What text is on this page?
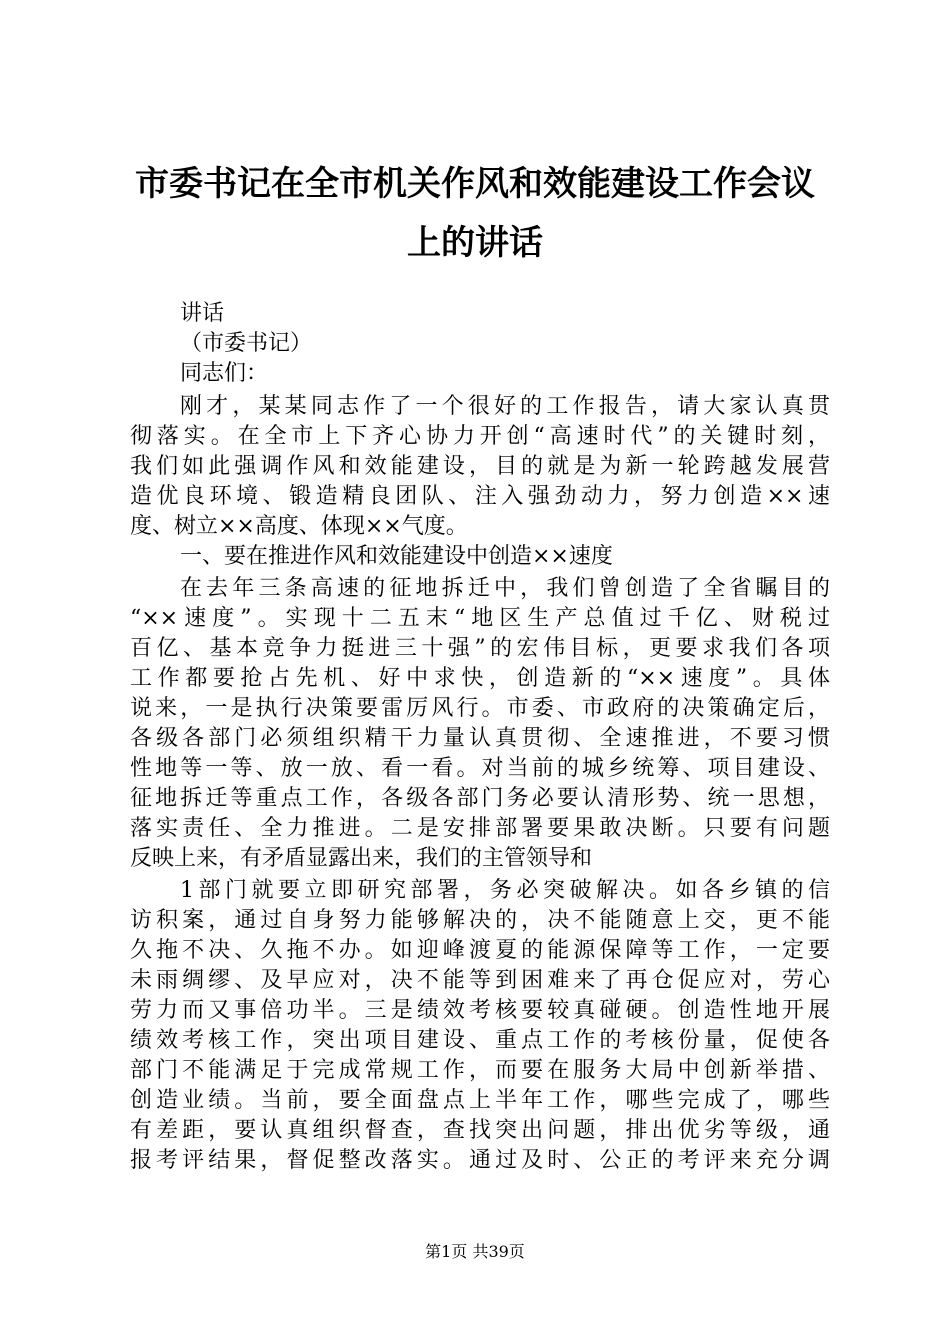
市委书记在全市机关作风和效能建设工作会议
上的讲话
讲话
（市委书记）
同志们：
刚才，某某同志作了一个很好的工作报告，请大家认真贯
彻落实。在全市上下齐心协力开创“高速时代”的关键时刻，
我们如此强调作风和效能建设，目的就是为新一轮跨越发展营
造优良环境、锻造精良团队、注入强劲动力，努力创造××速
度、树立××高度、体现××气度。
一、要在推进作风和效能建设中创造××速度
在去年三条高速的征地拆迁中，我们曾创造了全省瞩目的
“××速度”。实现十二五末“地区生产总值过千亿、财税过
百亿、基本竞争力挺进三十强”的宏伟目标，更要求我们各项
工作都要抢占先机、好中求快，创造新的“××速度”。具体
说来，一是执行决策要雷厉风行。市委、市政府的决策确定后，
各级各部门必须组织精干力量认真贯彻、全速推进，不要习惯
性地等一等、放一放、看一看。对当前的城乡统筹、项目建设、
征地拆迁等重点工作，各级各部门务必要认清形势、统一思想，
落实责任、全力推进。二是安排部署要果敢决断。只要有问题
反映上来，有矛盾显露出来，我们的主管领导和
1部门就要立即研究部署，务必突破解决。如各乡镇的信
访积案，通过自身努力能够解决的，决不能随意上交，更不能
久拖不决、久拖不办。如迎峰渡夏的能源保障等工作，一定要
未雨绸缪、及早应对，决不能等到困难来了再仓促应对，劳心
劳力而又事倍功半。三是绩效考核要较真碰硬。创造性地开展
绩效考核工作，突出项目建设、重点工作的考核份量，促使各
部门不能满足于完成常规工作，而要在服务大局中创新举措、
创造业绩。当前，要全面盘点上半年工作，哪些完成了，哪些
有差距，要认真组织督查，查找突出问题，排出优劣等级，通
报考评结果，督促整改落实。通过及时、公正的考评来充分调
第1页 共39页
